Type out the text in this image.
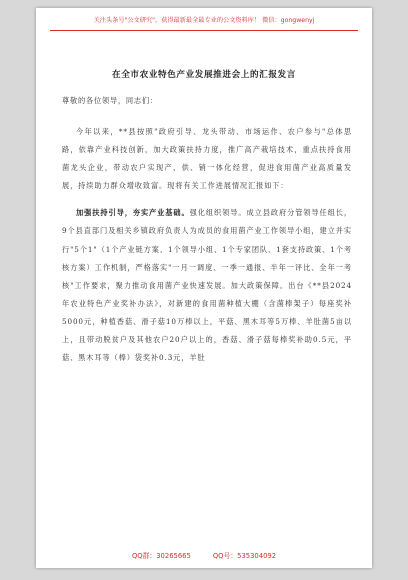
关注头条号"公文研究"，获得最新最全最专业的公文资料库！ 微信：gongwenyj
在全市农业特色产业发展推进会上的汇报发言
尊敬的各位领导，同志们：

今年以来，**县按照"政府引导、龙头带动、市场运作、农户参与"总体思路，依靠产业科技创新，加大政策扶持力度，推广高产栽培技术，重点扶持食用菌龙头企业，带动农户实现产、供、销一体化经营，促进食用菌产业高质量发展，持续助力群众增收致富。现将有关工作进展情况汇报如下：

加强扶持引导，夯实产业基础。强化组织领导。成立县政府分管领导任组长，9个县直部门及相关乡镇政府负责人为成员的食用菌产业工作领导小组，建立并实行"5个1"（1个产业链方案、1个领导小组、1个专家团队、1套支持政策、1个考核方案）工作机制，严格落实"一月一调度、一季一通报、半年一评比、全年一考核"工作要求，聚力推动食用菌产业快速发展。加大政策保障。出台《**县2024年农业特色产业奖补办法》，对新建的食用菌种植大棚（含菌棒架子）每座奖补5000元，种植香菇、滑子菇10万棒以上，平菇、黑木耳等5万棒、羊肚菌5亩以上，且带动脱贫户及其他农户20户以上的，香菇、滑子菇每棒奖补助0.5元，平菇、黑木耳等（棒）袋奖补0.3元，羊肚

QQ群：30265665	QQ号：535304092
